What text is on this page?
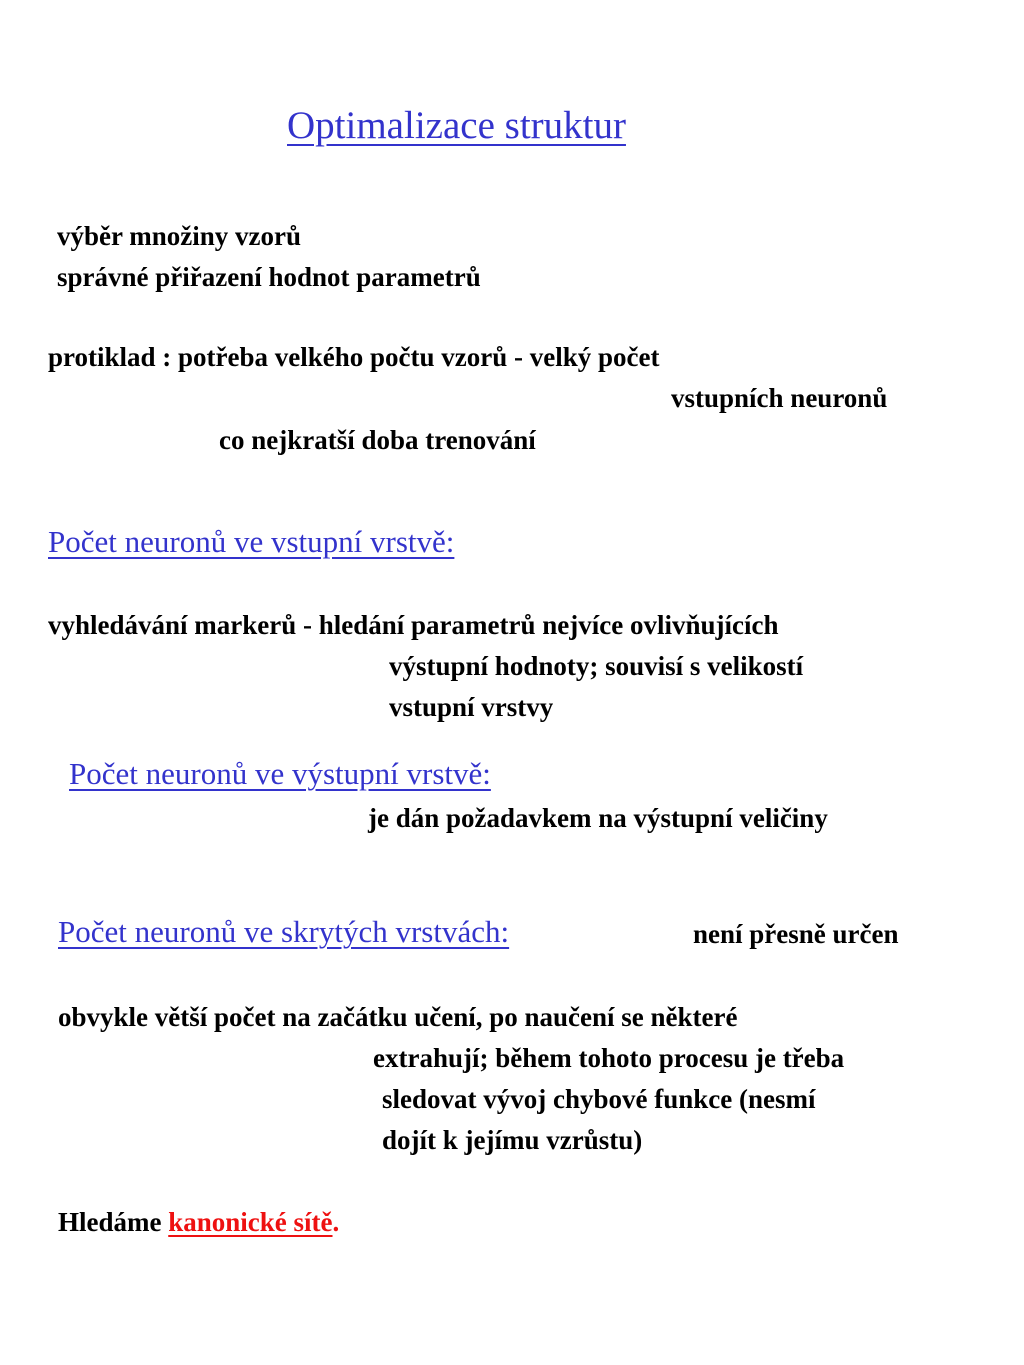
Optimalizace struktur
výběr množiny vzorů
správné přiřazení hodnot parametrů
protiklad : potřeba velkého počtu vzorů - velký počet
vstupních neuronů
co nejkratší doba trenování
Počet neuronů ve vstupní vrstvě:
vyhledávání markerů - hledání parametrů nejvíce ovlivňujících
výstupní hodnoty; souvisí s velikostí
vstupní vrstvy
Počet neuronů ve výstupní vrstvě:
je dán požadavkem na výstupní veličiny
Počet neuronů ve skrytých vrstvách:	není přesně určen
obvykle větší počet na začátku učení, po naučení se některé
extrahují; během tohoto procesu je třeba
sledovat vývoj chybové funkce (nesmí
dojít k jejímu vzrůstu)
Hledáme kanonické sítě.
